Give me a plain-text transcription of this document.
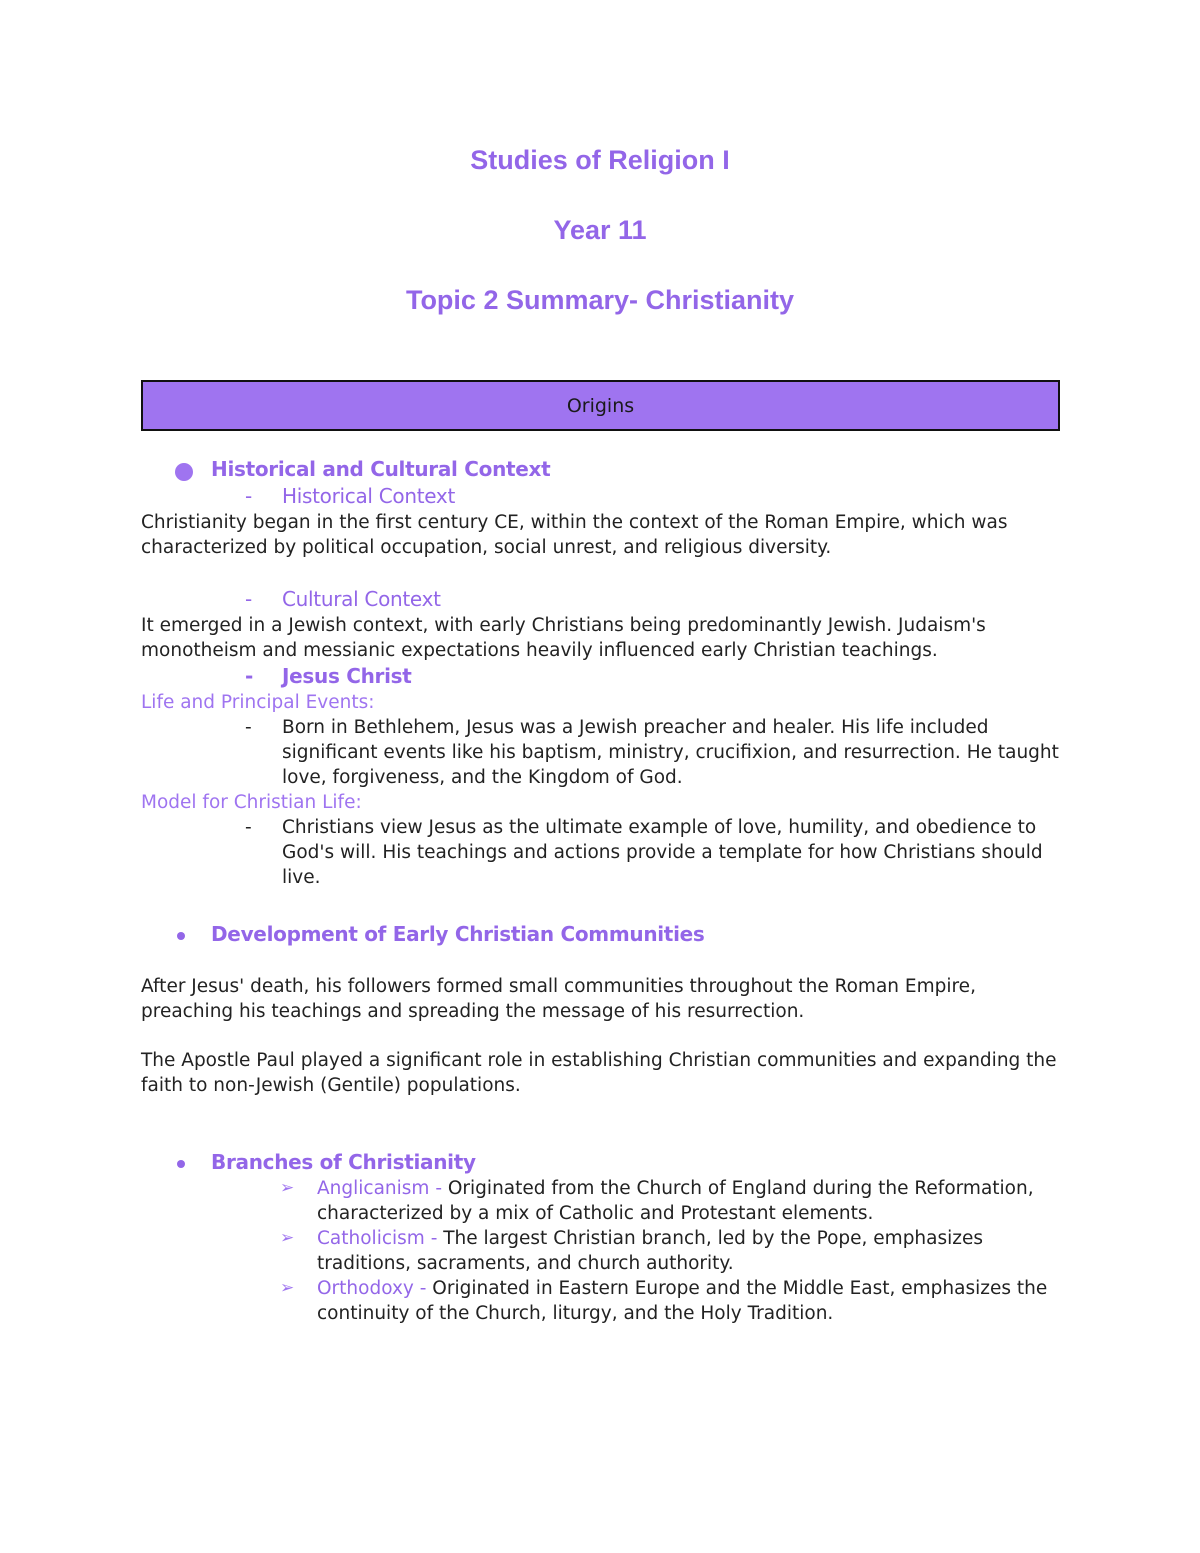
Studies of Religion I
Year 11
Topic 2 Summary- Christianity
Origins
Historical and Cultural Context
- Historical Context

Christianity began in the first century CE, within the context of the Roman Empire, which was characterized by political occupation, social unrest, and religious diversity.

- Cultural Context

It emerged in a Jewish context, with early Christians being predominantly Jewish. Judaism's monotheism and messianic expectations heavily influenced early Christian teachings.

- Jesus Christ
Life and Principal Events:
- Born in Bethlehem, Jesus was a Jewish preacher and healer. His life included significant events like his baptism, ministry, crucifixion, and resurrection. He taught love, forgiveness, and the Kingdom of God.
Model for Christian Life:
- Christians view Jesus as the ultimate example of love, humility, and obedience to God's will. His teachings and actions provide a template for how Christians should live.
Development of Early Christian Communities

After Jesus' death, his followers formed small communities throughout the Roman Empire, preaching his teachings and spreading the message of his resurrection.

The Apostle Paul played a significant role in establishing Christian communities and expanding the faith to non-Jewish (Gentile) populations.

Branches of Christianity
➢ Anglicanism - Originated from the Church of England during the Reformation, characterized by a mix of Catholic and Protestant elements.
➢ Catholicism - The largest Christian branch, led by the Pope, emphasizes traditions, sacraments, and church authority.
➢ Orthodoxy - Originated in Eastern Europe and the Middle East, emphasizes the continuity of the Church, liturgy, and the Holy Tradition.
